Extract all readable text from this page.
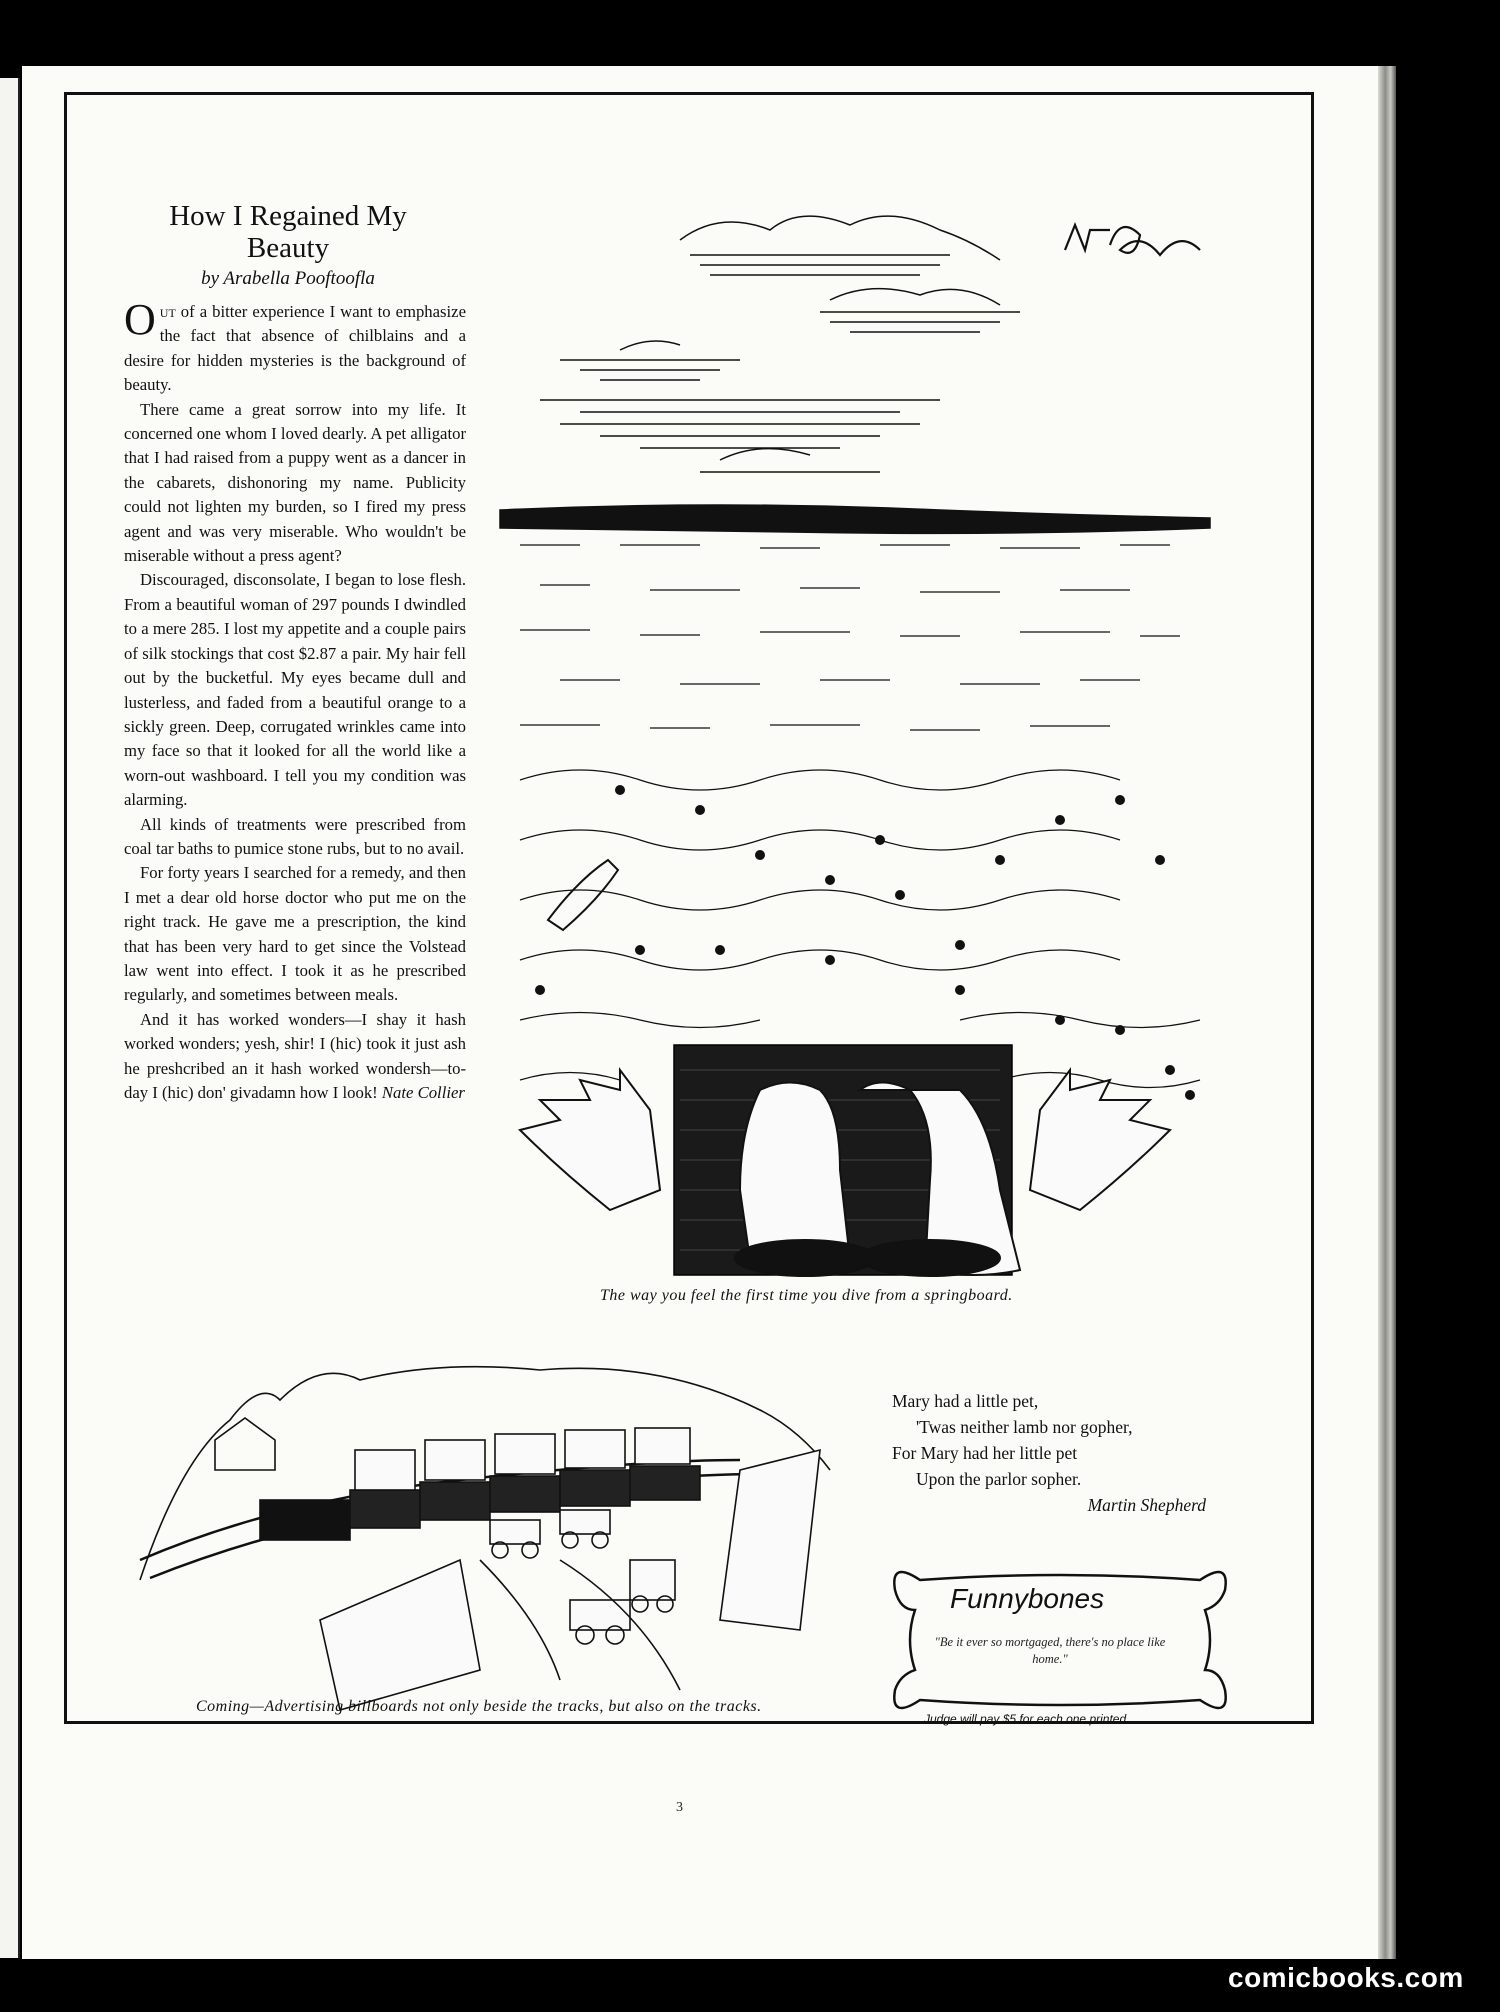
How I Regained My
Beauty
by Arabella Pooftoofla

Out of a bitter experience I want to emphasize the fact that absence of chilblains and a desire for hidden mysteries is the background of beauty.

There came a great sorrow into my life. It concerned one whom I loved dearly. A pet alligator that I had raised from a puppy went as a dancer in the cabarets, dishonoring my name. Publicity could not lighten my burden, so I fired my press agent and was very miserable. Who wouldn't be miserable without a press agent?

Discouraged, disconsolate, I began to lose flesh. From a beautiful woman of 297 pounds I dwindled to a mere 285. I lost my appetite and a couple pairs of silk stockings that cost $2.87 a pair. My hair fell out by the bucketful. My eyes became dull and lusterless, and faded from a beautiful orange to a sickly green. Deep, corrugated wrinkles came into my face so that it looked for all the world like a worn-out washboard. I tell you my condition was alarming.

All kinds of treatments were prescribed from coal tar baths to pumice stone rubs, but to no avail.

For forty years I searched for a remedy, and then I met a dear old horse doctor who put me on the right track. He gave me a prescription, the kind that has been very hard to get since the Volstead law went into effect. I took it as he prescribed regularly, and sometimes between meals.

And it has worked wonders—I shay it hash worked wonders; yesh, shir! I (hic) took it just ash he preshcribed an it hash worked wondersh—to-day I (hic) don' givadamn how I look! Nate Collier

The way you feel the first time you dive from a springboard.
Coming—Advertising billboards not only beside the tracks, but also on the tracks.
Mary had a little pet,
'Twas neither lamb nor gopher,
For Mary had her little pet
Upon the parlor sopher.
Martin Shepherd
Funnybones
"Be it ever so mortgaged, there's no place like home."
Judge will pay $5 for each one printed
3
comicbooks.com
